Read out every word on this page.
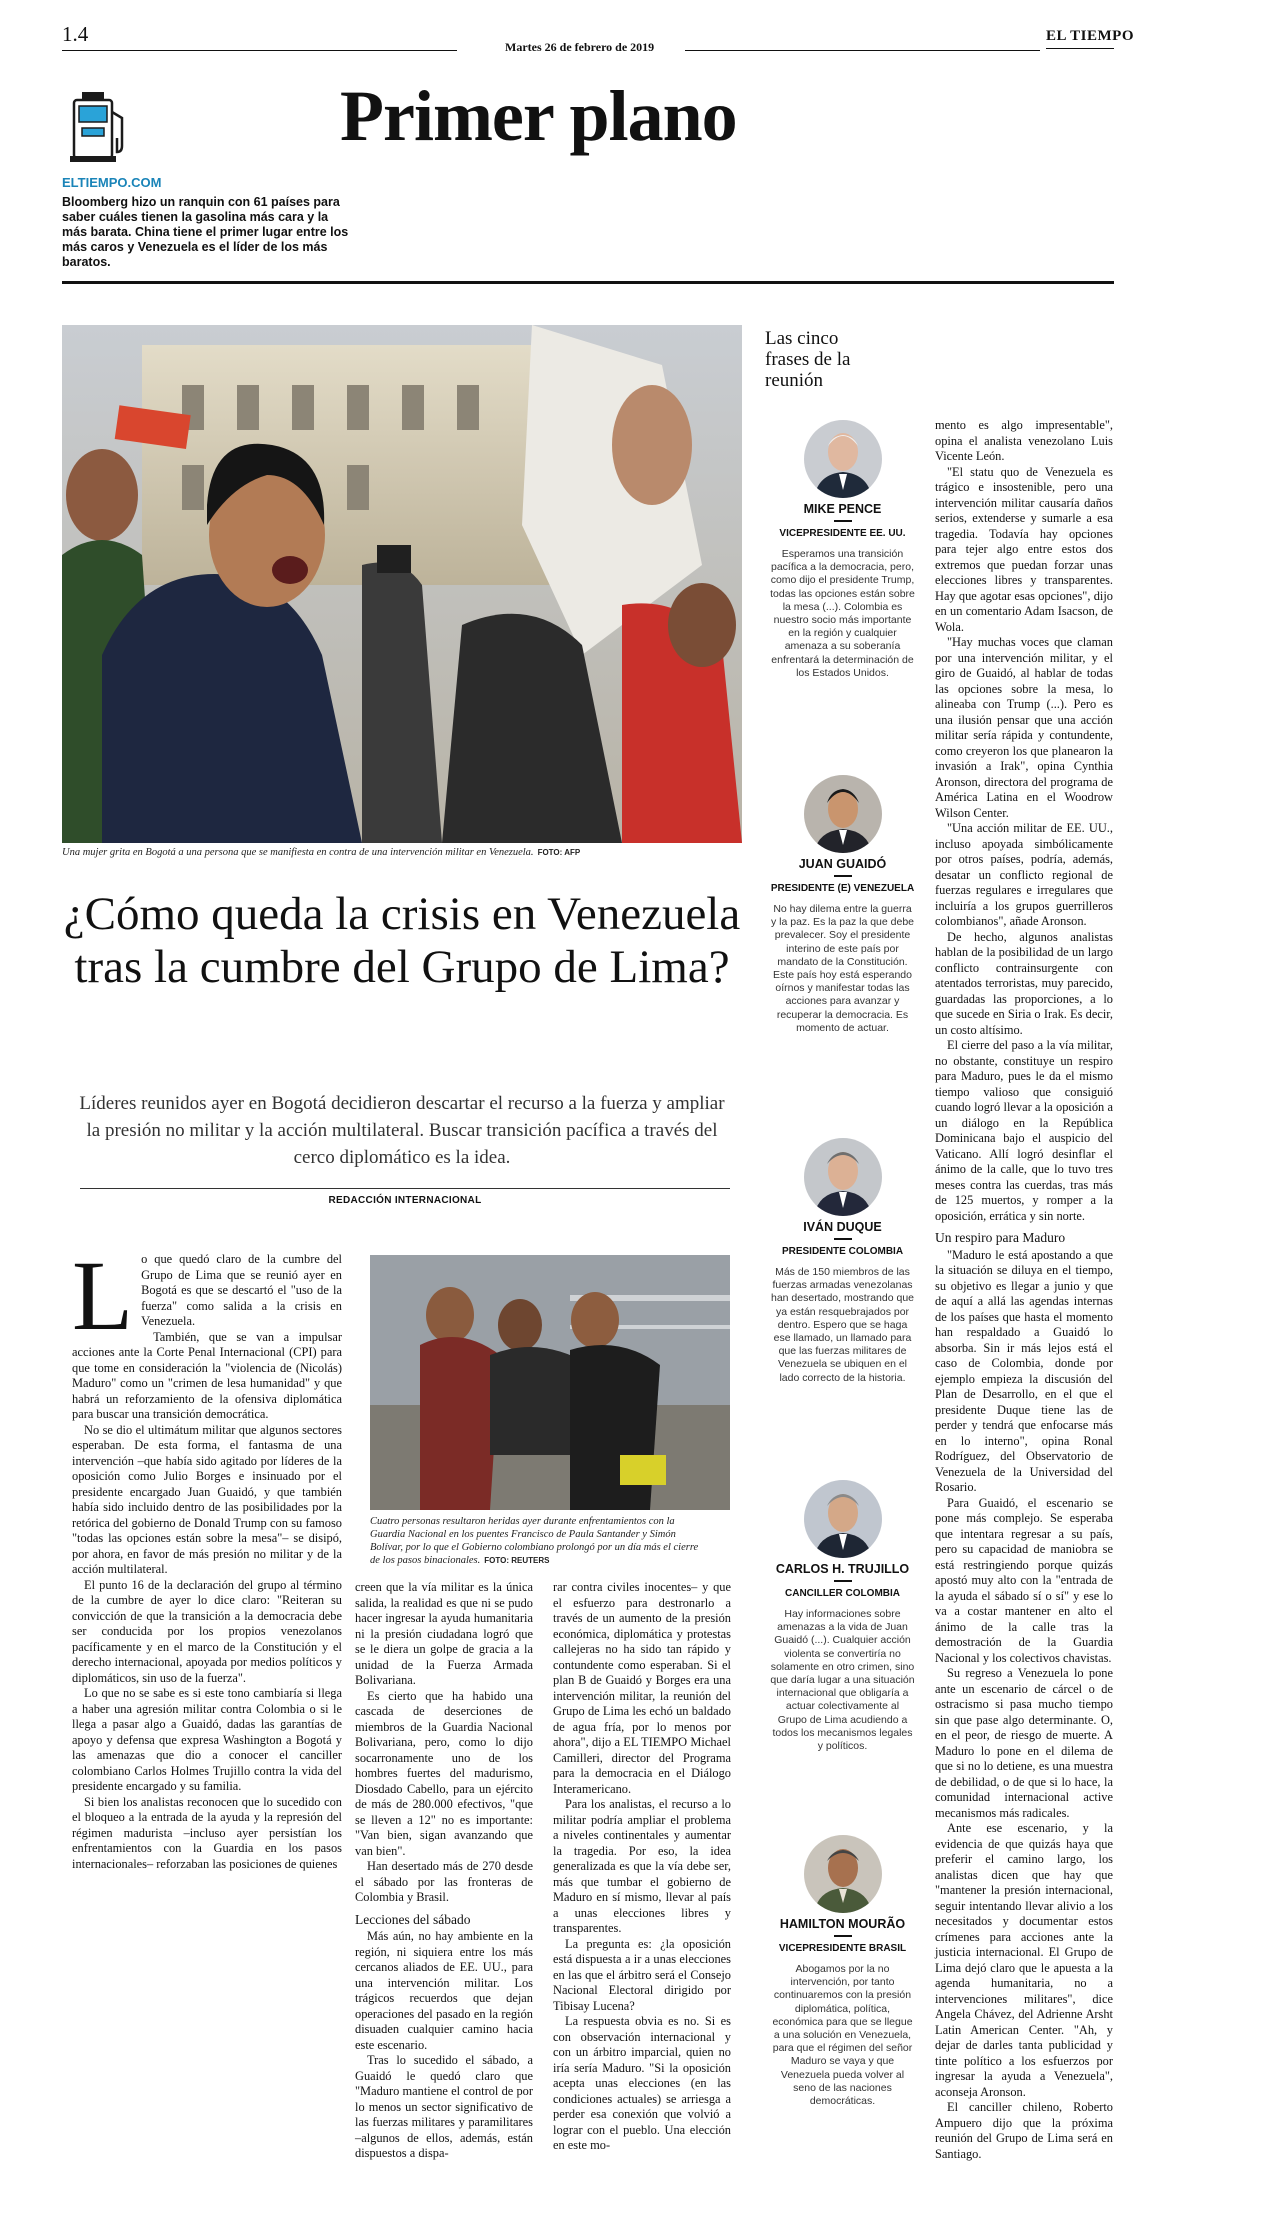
1.4
Martes 26 de febrero de 2019
EL TIEMPO
Primer plano
ELTIEMPO.COM
Bloomberg hizo un ranquin con 61 países para saber cuáles tienen la gasolina más cara y la más barata. China tiene el primer lugar entre los más caros y Venezuela es el líder de los más baratos.
Una mujer grita en Bogotá a una persona que se manifiesta en contra de una intervención militar en Venezuela. FOTO: AFP
¿Cómo queda la crisis en Venezuela tras la cumbre del Grupo de Lima?
Líderes reunidos ayer en Bogotá decidieron descartar el recurso a la fuerza y ampliar la presión no militar y la acción multilateral. Buscar transición pacífica a través del cerco diplomático es la idea.
REDACCIÓN INTERNACIONAL
L o que quedó claro de la cumbre del Grupo de Lima que se reunió ayer en Bogotá es que se descartó el "uso de la fuerza" como salida a la crisis en Venezuela.

También, que se van a impulsar acciones ante la Corte Penal Internacional (CPI) para que tome en consideración la "violencia de (Nicolás) Maduro" como un "crimen de lesa humanidad" y que habrá un reforzamiento de la ofensiva diplomática para buscar una transición democrática.

No se dio el ultimátum militar que algunos sectores esperaban. De esta forma, el fantasma de una intervención –que había sido agitado por líderes de la oposición como Julio Borges e insinuado por el presidente encargado Juan Guaidó, y que también había sido incluido dentro de las posibilidades por la retórica del gobierno de Donald Trump con su famoso "todas las opciones están sobre la mesa"– se disipó, por ahora, en favor de más presión no militar y de la acción multilateral.

El punto 16 de la declaración del grupo al término de la cumbre de ayer lo dice claro: "Reiteran su convicción de que la transición a la democracia debe ser conducida por los propios venezolanos pacíficamente y en el marco de la Constitución y el derecho internacional, apoyada por medios políticos y diplomáticos, sin uso de la fuerza".

Lo que no se sabe es si este tono cambiaría si llega a haber una agresión militar contra Colombia o si le llega a pasar algo a Guaidó, dadas las garantías de apoyo y defensa que expresa Washington a Bogotá y las amenazas que dio a conocer el canciller colombiano Carlos Holmes Trujillo contra la vida del presidente encargado y su familia.

Si bien los analistas reconocen que lo sucedido con el bloqueo a la entrada de la ayuda y la represión del régimen madurista –incluso ayer persistían los enfrentamientos con la Guardia en los pasos internacionales– reforzaban las posiciones de quienes

Cuatro personas resultaron heridas ayer durante enfrentamientos con la Guardia Nacional en los puentes Francisco de Paula Santander y Simón Bolívar, por lo que el Gobierno colombiano prolongó por un día más el cierre de los pasos binacionales. FOTO: REUTERS

creen que la vía militar es la única salida, la realidad es que ni se pudo hacer ingresar la ayuda humanitaria ni la presión ciudadana logró que se le diera un golpe de gracia a la unidad de la Fuerza Armada Bolivariana.

Es cierto que ha habido una cascada de deserciones de miembros de la Guardia Nacional Bolivariana, pero, como lo dijo socarronamente uno de los hombres fuertes del madurismo, Diosdado Cabello, para un ejército de más de 280.000 efectivos, "que se lleven a 12" no es importante: "Van bien, sigan avanzando que van bien".

Han desertado más de 270 desde el sábado por las fronteras de Colombia y Brasil.

Lecciones del sábado

Más aún, no hay ambiente en la región, ni siquiera entre los más cercanos aliados de EE. UU., para una intervención militar. Los trágicos recuerdos que dejan operaciones del pasado en la región disuaden cualquier camino hacia este escenario.

Tras lo sucedido el sábado, a Guaidó le quedó claro que "Maduro mantiene el control de por lo menos un sector significativo de las fuerzas militares y paramilitares –algunos de ellos, además, están dispuestos a dispa-

rar contra civiles inocentes– y que el esfuerzo para destronarlo a través de un aumento de la presión económica, diplomática y protestas callejeras no ha sido tan rápido y contundente como esperaban. Si el plan B de Guaidó y Borges era una intervención militar, la reunión del Grupo de Lima les echó un baldado de agua fría, por lo menos por ahora", dijo a EL TIEMPO Michael Camilleri, director del Programa para la democracia en el Diálogo Interamericano.

Para los analistas, el recurso a lo militar podría ampliar el problema a niveles continentales y aumentar la tragedia. Por eso, la idea generalizada es que la vía debe ser, más que tumbar el gobierno de Maduro en sí mismo, llevar al país a unas elecciones libres y transparentes.

La pregunta es: ¿la oposición está dispuesta a ir a unas elecciones en las que el árbitro será el Consejo Nacional Electoral dirigido por Tibisay Lucena?

La respuesta obvia es no. Si es con observación internacional y con un árbitro imparcial, quien no iría sería Maduro. "Si la oposición acepta unas elecciones (en las condiciones actuales) se arriesga a perder esa conexión que volvió a lograr con el pueblo. Una elección en este mo-

Las cinco frases de la reunión
MIKE PENCE
VICEPRESIDENTE EE. UU.
Esperamos una transición pacífica a la democracia, pero, como dijo el presidente Trump, todas las opciones están sobre la mesa (...). Colombia es nuestro socio más importante en la región y cualquier amenaza a su soberanía enfrentará la determinación de los Estados Unidos.
JUAN GUAIDÓ
PRESIDENTE (E) VENEZUELA
No hay dilema entre la guerra y la paz. Es la paz la que debe prevalecer. Soy el presidente interino de este país por mandato de la Constitución. Este país hoy está esperando oírnos y manifestar todas las acciones para avanzar y recuperar la democracia. Es momento de actuar.
IVÁN DUQUE
PRESIDENTE COLOMBIA
Más de 150 miembros de las fuerzas armadas venezolanas han desertado, mostrando que ya están resquebrajados por dentro. Espero que se haga ese llamado, un llamado para que las fuerzas militares de Venezuela se ubiquen en el lado correcto de la historia.
CARLOS H. TRUJILLO
CANCILLER COLOMBIA
Hay informaciones sobre amenazas a la vida de Juan Guaidó (...). Cualquier acción violenta se convertiría no solamente en otro crimen, sino que daría lugar a una situación internacional que obligaría a actuar colectivamente al Grupo de Lima acudiendo a todos los mecanismos legales y políticos.
HAMILTON MOURÃO
VICEPRESIDENTE BRASIL
Abogamos por la no intervención, por tanto continuaremos con la presión diplomática, política, económica para que se llegue a una solución en Venezuela, para que el régimen del señor Maduro se vaya y que Venezuela pueda volver al seno de las naciones democráticas.

mento es algo impresentable", opina el analista venezolano Luis Vicente León.

"El statu quo de Venezuela es trágico e insostenible, pero una intervención militar causaría daños serios, extenderse y sumarle a esa tragedia. Todavía hay opciones para tejer algo entre estos dos extremos que puedan forzar unas elecciones libres y transparentes. Hay que agotar esas opciones", dijo en un comentario Adam Isacson, de Wola.

"Hay muchas voces que claman por una intervención militar, y el giro de Guaidó, al hablar de todas las opciones sobre la mesa, lo alineaba con Trump (...). Pero es una ilusión pensar que una acción militar sería rápida y contundente, como creyeron los que planearon la invasión a Irak", opina Cynthia Aronson, directora del programa de América Latina en el Woodrow Wilson Center.

"Una acción militar de EE. UU., incluso apoyada simbólicamente por otros países, podría, además, desatar un conflicto regional de fuerzas regulares e irregulares que incluiría a los grupos guerrilleros colombianos", añade Aronson.

De hecho, algunos analistas hablan de la posibilidad de un largo conflicto contrainsurgente con atentados terroristas, muy parecido, guardadas las proporciones, a lo que sucede en Siria o Irak. Es decir, un costo altísimo.

El cierre del paso a la vía militar, no obstante, constituye un respiro para Maduro, pues le da el mismo tiempo valioso que consiguió cuando logró llevar a la oposición a un diálogo en la República Dominicana bajo el auspicio del Vaticano. Allí logró desinflar el ánimo de la calle, que lo tuvo tres meses contra las cuerdas, tras más de 125 muertos, y romper a la oposición, errática y sin norte.

Un respiro para Maduro

"Maduro le está apostando a que la situación se diluya en el tiempo, su objetivo es llegar a junio y que de aquí a allá las agendas internas de los países que hasta el momento han respaldado a Guaidó lo absorba. Sin ir más lejos está el caso de Colombia, donde por ejemplo empieza la discusión del Plan de Desarrollo, en el que el presidente Duque tiene las de perder y tendrá que enfocarse más en lo interno", opina Ronal Rodríguez, del Observatorio de Venezuela de la Universidad del Rosario.

Para Guaidó, el escenario se pone más complejo. Se esperaba que intentara regresar a su país, pero su capacidad de maniobra se está restringiendo porque quizás apostó muy alto con la "entrada de la ayuda el sábado sí o sí" y ese lo va a costar mantener en alto el ánimo de la calle tras la demostración de la Guardia Nacional y los colectivos chavistas.

Su regreso a Venezuela lo pone ante un escenario de cárcel o de ostracismo si pasa mucho tiempo sin que pase algo determinante. O, en el peor, de riesgo de muerte. A Maduro lo pone en el dilema de que si no lo detiene, es una muestra de debilidad, o de que si lo hace, la comunidad internacional active mecanismos más radicales.

Ante ese escenario, y la evidencia de que quizás haya que preferir el camino largo, los analistas dicen que hay que "mantener la presión internacional, seguir intentando llevar alivio a los necesitados y documentar estos crímenes para acciones ante la justicia internacional. El Grupo de Lima dejó claro que le apuesta a la agenda humanitaria, no a intervenciones militares", dice Angela Chávez, del Adrienne Arsht Latin American Center. "Ah, y dejar de darles tanta publicidad y tinte político a los esfuerzos por ingresar la ayuda a Venezuela", aconseja Aronson.

El canciller chileno, Roberto Ampuero dijo que la próxima reunión del Grupo de Lima será en Santiago.
